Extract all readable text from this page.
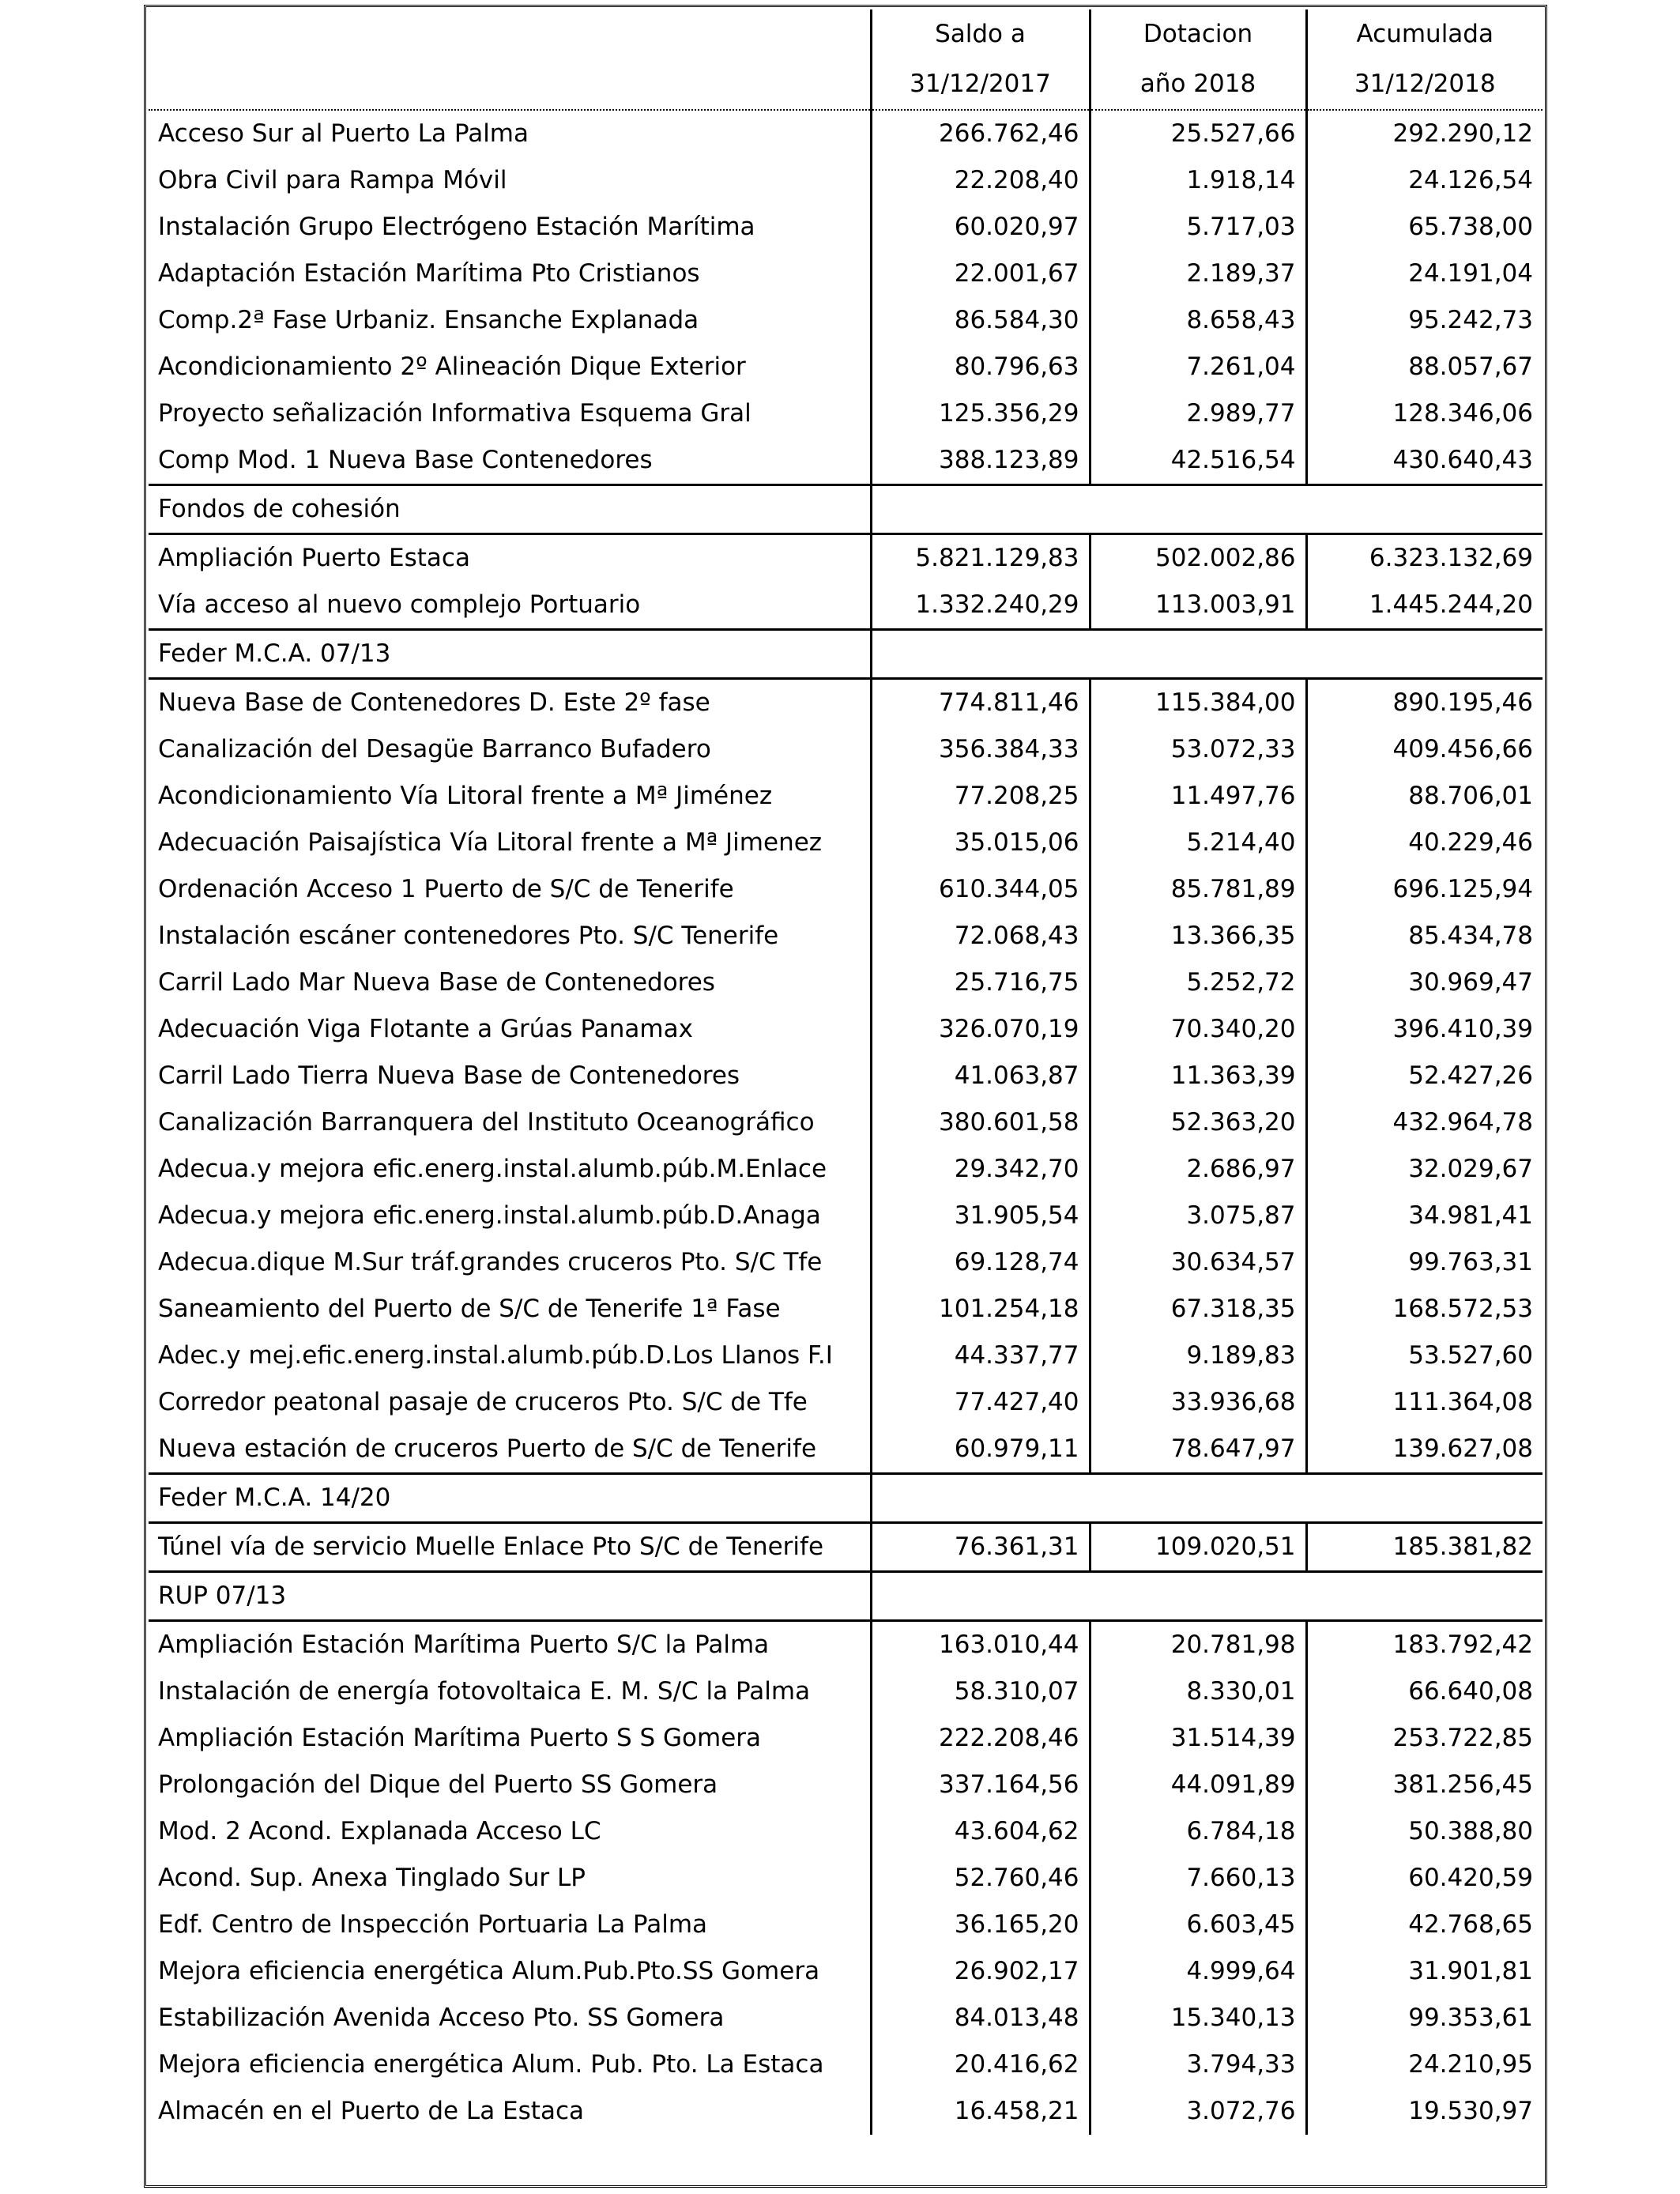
	Saldo a	Dotacion	Acumulada
	31/12/2017	año 2018	31/12/2018
Acceso Sur al Puerto La Palma	266.762,46	25.527,66	292.290,12
Obra Civil para Rampa Móvil	22.208,40	1.918,14	24.126,54
Instalación Grupo Electrógeno Estación Marítima	60.020,97	5.717,03	65.738,00
Adaptación Estación Marítima Pto Cristianos	22.001,67	2.189,37	24.191,04
Comp.2ª Fase Urbaniz. Ensanche Explanada	86.584,30	8.658,43	95.242,73
Acondicionamiento 2º Alineación Dique Exterior	80.796,63	7.261,04	88.057,67
Proyecto señalización Informativa Esquema Gral	125.356,29	2.989,77	128.346,06
Comp Mod. 1 Nueva Base Contenedores	388.123,89	42.516,54	430.640,43
Fondos de cohesión			
Ampliación Puerto Estaca	5.821.129,83	502.002,86	6.323.132,69
Vía acceso al nuevo complejo Portuario	1.332.240,29	113.003,91	1.445.244,20
Feder M.C.A. 07/13			
Nueva Base de Contenedores D. Este 2º fase	774.811,46	115.384,00	890.195,46
Canalización del Desagüe Barranco Bufadero	356.384,33	53.072,33	409.456,66
Acondicionamiento Vía Litoral frente a Mª Jiménez	77.208,25	11.497,76	88.706,01
Adecuación Paisajística Vía Litoral frente a Mª Jimenez	35.015,06	5.214,40	40.229,46
Ordenación Acceso 1 Puerto de S/C de Tenerife	610.344,05	85.781,89	696.125,94
Instalación escáner contenedores Pto. S/C Tenerife	72.068,43	13.366,35	85.434,78
Carril Lado Mar Nueva Base de Contenedores	25.716,75	5.252,72	30.969,47
Adecuación Viga Flotante a Grúas Panamax	326.070,19	70.340,20	396.410,39
Carril Lado Tierra Nueva Base de Contenedores	41.063,87	11.363,39	52.427,26
Canalización Barranquera del Instituto Oceanográfico	380.601,58	52.363,20	432.964,78
Adecua.y mejora efic.energ.instal.alumb.púb.M.Enlace	29.342,70	2.686,97	32.029,67
Adecua.y mejora efic.energ.instal.alumb.púb.D.Anaga	31.905,54	3.075,87	34.981,41
Adecua.dique M.Sur tráf.grandes cruceros Pto. S/C Tfe	69.128,74	30.634,57	99.763,31
Saneamiento del Puerto de S/C de Tenerife 1ª Fase	101.254,18	67.318,35	168.572,53
Adec.y mej.efic.energ.instal.alumb.púb.D.Los Llanos F.I	44.337,77	9.189,83	53.527,60
Corredor peatonal pasaje de cruceros Pto. S/C de Tfe	77.427,40	33.936,68	111.364,08
Nueva estación de cruceros Puerto de S/C de Tenerife	60.979,11	78.647,97	139.627,08
Feder M.C.A. 14/20			
Túnel vía de servicio Muelle Enlace Pto S/C de Tenerife	76.361,31	109.020,51	185.381,82
RUP 07/13			
Ampliación Estación Marítima Puerto S/C la Palma	163.010,44	20.781,98	183.792,42
Instalación de energía fotovoltaica E. M. S/C la Palma	58.310,07	8.330,01	66.640,08
Ampliación Estación Marítima Puerto S S Gomera	222.208,46	31.514,39	253.722,85
Prolongación del Dique del Puerto SS Gomera	337.164,56	44.091,89	381.256,45
Mod. 2 Acond. Explanada Acceso LC	43.604,62	6.784,18	50.388,80
Acond. Sup. Anexa Tinglado Sur LP	52.760,46	7.660,13	60.420,59
Edf. Centro de Inspección Portuaria La Palma	36.165,20	6.603,45	42.768,65
Mejora eficiencia energética Alum.Pub.Pto.SS Gomera	26.902,17	4.999,64	31.901,81
Estabilización Avenida Acceso Pto. SS Gomera	84.013,48	15.340,13	99.353,61
Mejora eficiencia energética Alum. Pub. Pto. La Estaca	20.416,62	3.794,33	24.210,95
Almacén en el Puerto de La Estaca	16.458,21	3.072,76	19.530,97
